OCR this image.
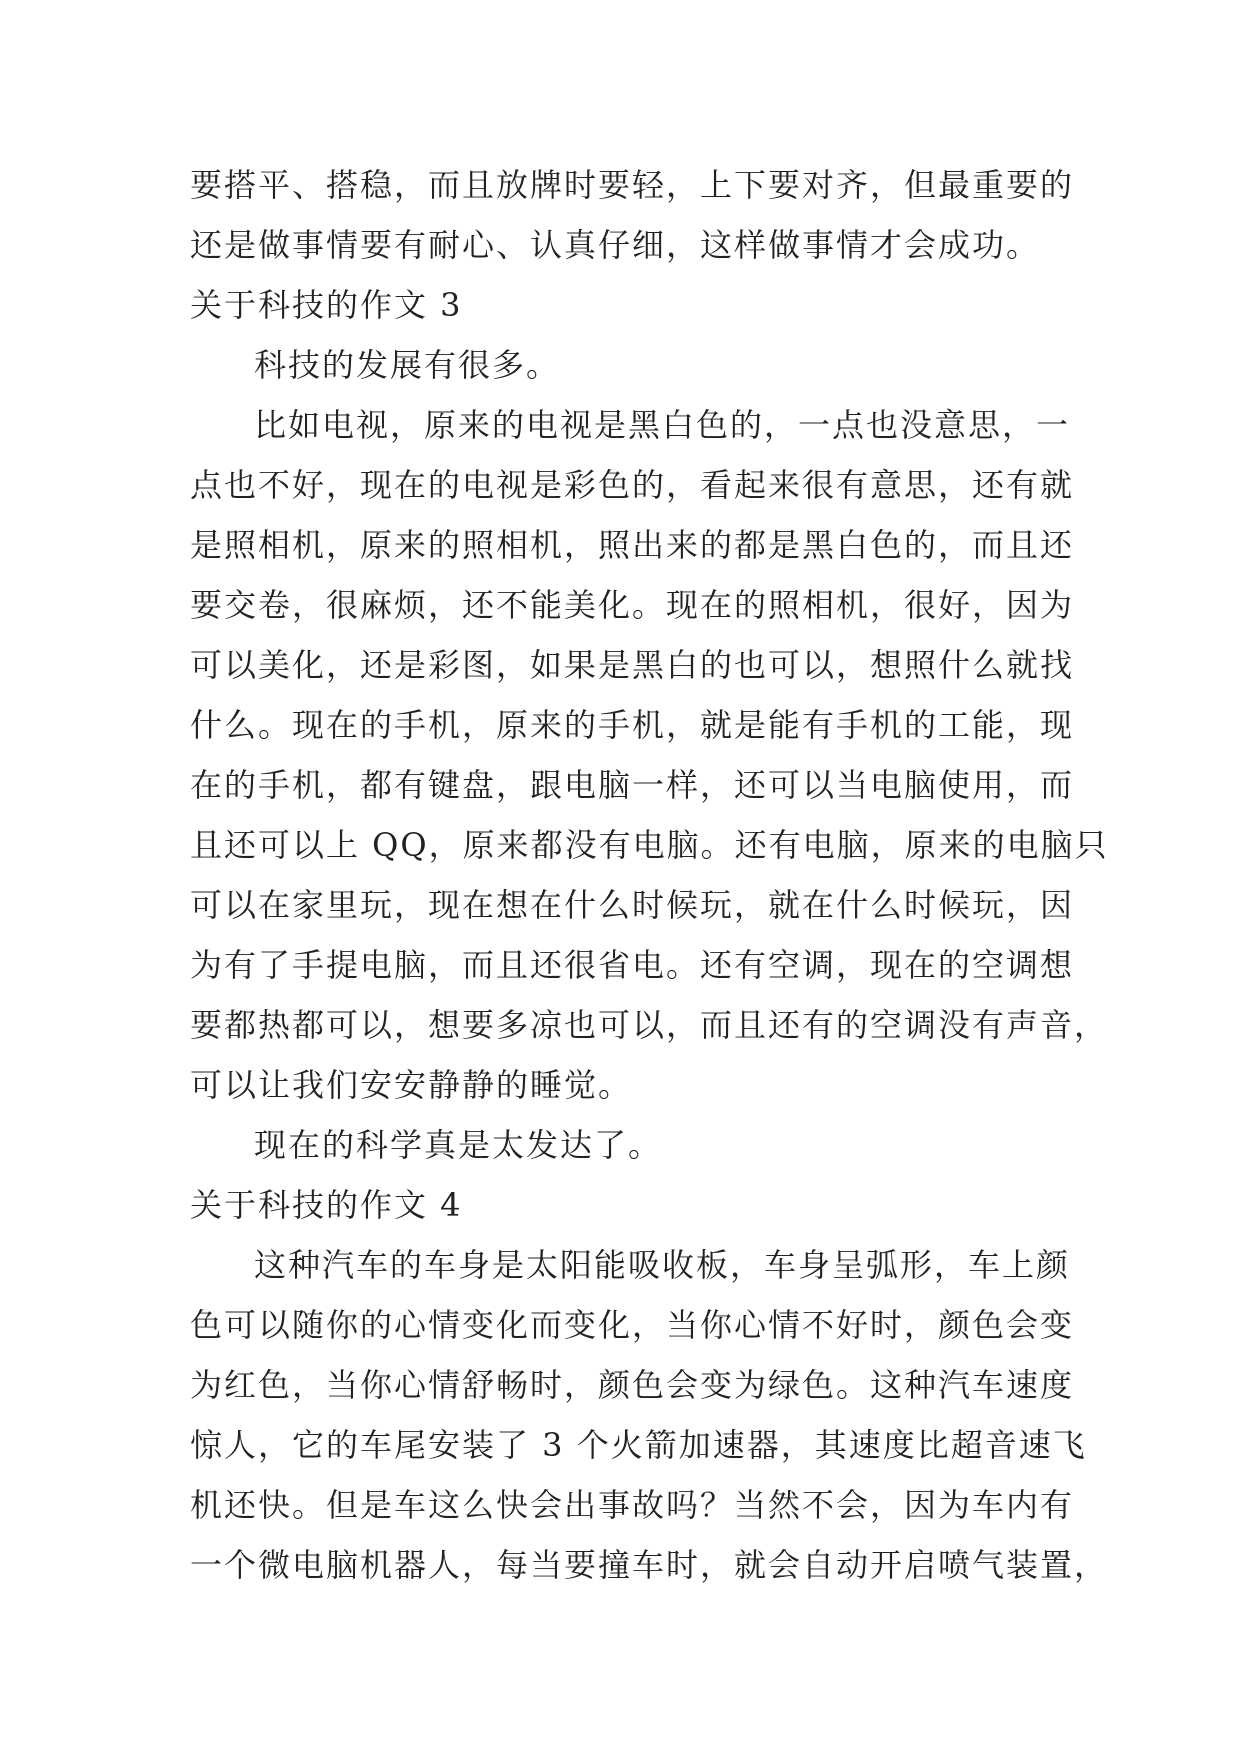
要搭平、搭稳，而且放牌时要轻，上下要对齐，但最重要的
还是做事情要有耐心、认真仔细，这样做事情才会成功。
关于科技的作文 3
科技的发展有很多。
比如电视，原来的电视是黑白色的，一点也没意思，一
点也不好，现在的电视是彩色的，看起来很有意思，还有就
是照相机，原来的照相机，照出来的都是黑白色的，而且还
要交卷，很麻烦，还不能美化。现在的照相机，很好，因为
可以美化，还是彩图，如果是黑白的也可以，想照什么就找
什么。现在的手机，原来的手机，就是能有手机的工能，现
在的手机，都有键盘，跟电脑一样，还可以当电脑使用，而
且还可以上 QQ，原来都没有电脑。还有电脑，原来的电脑只
可以在家里玩，现在想在什么时候玩，就在什么时候玩，因
为有了手提电脑，而且还很省电。还有空调，现在的空调想
要都热都可以，想要多凉也可以，而且还有的空调没有声音，
可以让我们安安静静的睡觉。
现在的科学真是太发达了。
关于科技的作文 4
这种汽车的车身是太阳能吸收板，车身呈弧形，车上颜
色可以随你的心情变化而变化，当你心情不好时，颜色会变
为红色，当你心情舒畅时，颜色会变为绿色。这种汽车速度
惊人，它的车尾安装了 3 个火箭加速器，其速度比超音速飞
机还快。但是车这么快会出事故吗？当然不会，因为车内有
一个微电脑机器人，每当要撞车时，就会自动开启喷气装置，
